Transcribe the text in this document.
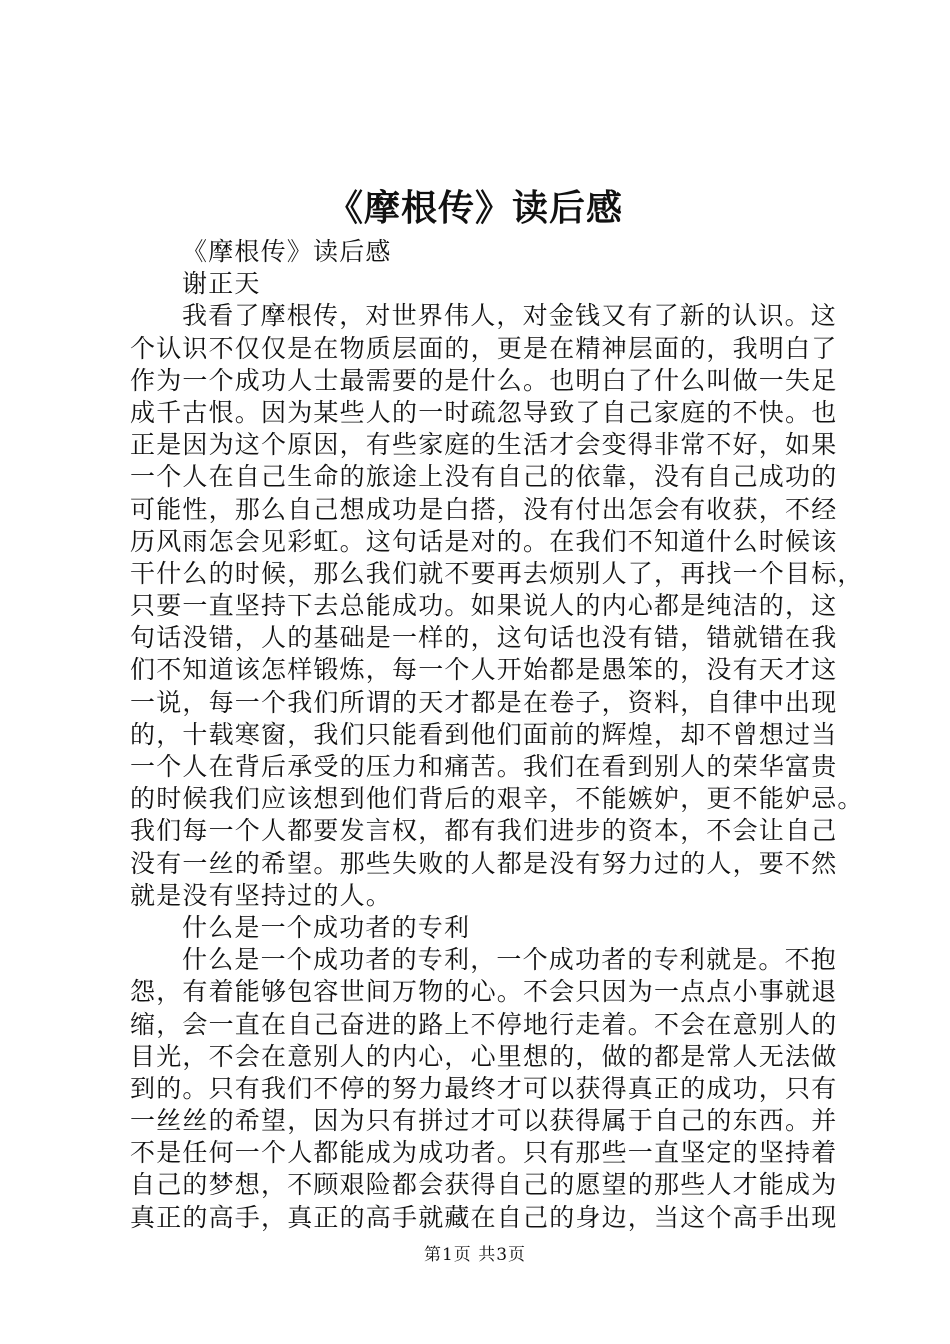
《摩根传》读后感
《摩根传》读后感
谢正天
我看了摩根传，对世界伟人，对金钱又有了新的认识。这
个认识不仅仅是在物质层面的，更是在精神层面的，我明白了
作为一个成功人士最需要的是什么。也明白了什么叫做一失足
成千古恨。因为某些人的一时疏忽导致了自己家庭的不快。也
正是因为这个原因，有些家庭的生活才会变得非常不好，如果
一个人在自己生命的旅途上没有自己的依靠，没有自己成功的
可能性，那么自己想成功是白搭，没有付出怎会有收获，不经
历风雨怎会见彩虹。这句话是对的。在我们不知道什么时候该
干什么的时候，那么我们就不要再去烦别人了，再找一个目标，
只要一直坚持下去总能成功。如果说人的内心都是纯洁的，这
句话没错，人的基础是一样的，这句话也没有错，错就错在我
们不知道该怎样锻炼，每一个人开始都是愚笨的，没有天才这
一说，每一个我们所谓的天才都是在卷子，资料，自律中出现
的，十载寒窗，我们只能看到他们面前的辉煌，却不曾想过当
一个人在背后承受的压力和痛苦。我们在看到别人的荣华富贵
的时候我们应该想到他们背后的艰辛，不能嫉妒，更不能妒忌。
我们每一个人都要发言权，都有我们进步的资本，不会让自己
没有一丝的希望。那些失败的人都是没有努力过的人，要不然
就是没有坚持过的人。
什么是一个成功者的专利
什么是一个成功者的专利，一个成功者的专利就是。不抱
怨，有着能够包容世间万物的心。不会只因为一点点小事就退
缩，会一直在自己奋进的路上不停地行走着。不会在意别人的
目光，不会在意别人的内心，心里想的，做的都是常人无法做
到的。只有我们不停的努力最终才可以获得真正的成功，只有
一丝丝的希望，因为只有拼过才可以获得属于自己的东西。并
不是任何一个人都能成为成功者。只有那些一直坚定的坚持着
自己的梦想，不顾艰险都会获得自己的愿望的那些人才能成为
真正的高手，真正的高手就藏在自己的身边，当这个高手出现
第1页 共3页
